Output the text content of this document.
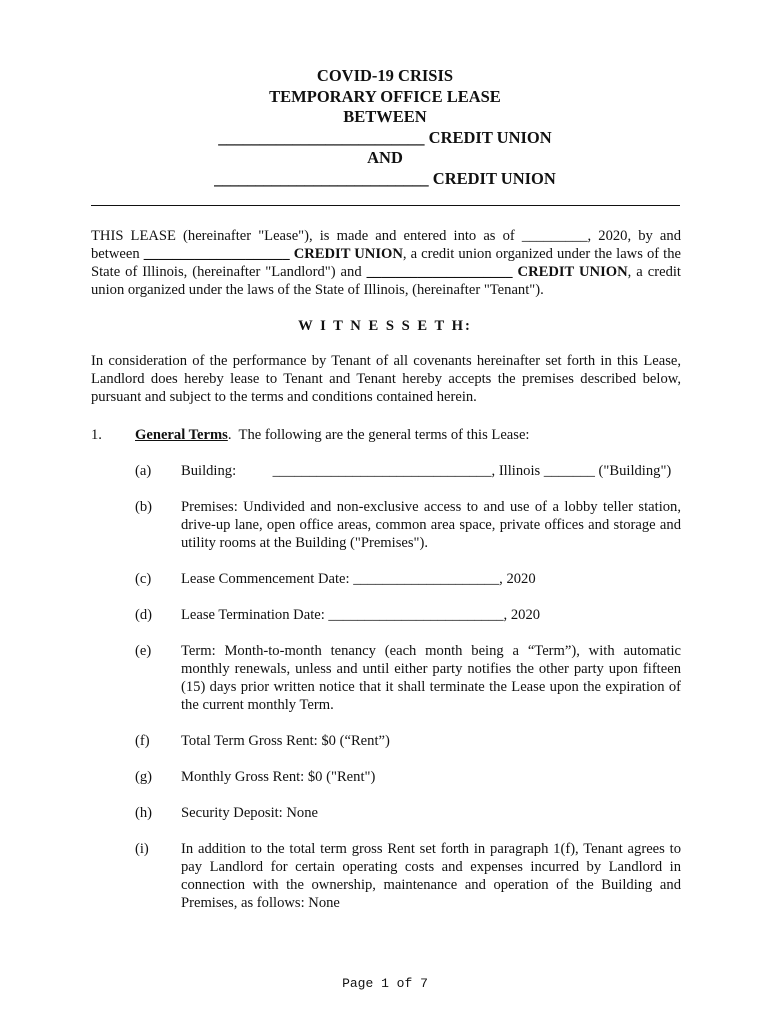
COVID-19 CRISIS
TEMPORARY OFFICE LEASE
BETWEEN
_________________________ CREDIT UNION
AND
__________________________ CREDIT UNION
THIS LEASE (hereinafter "Lease"), is made and entered into as of _________, 2020, by and between ____________________ CREDIT UNION, a credit union organized under the laws of the State of Illinois, (hereinafter "Landlord") and ____________________ CREDIT UNION, a credit union organized under the laws of the State of Illinois, (hereinafter "Tenant").
W I T N E S S E T H:
In consideration of the performance by Tenant of all covenants hereinafter set forth in this Lease, Landlord does hereby lease to Tenant and Tenant hereby accepts the premises described below, pursuant and subject to the terms and conditions contained herein.
1. General Terms. The following are the general terms of this Lease:
(a) Building:          ______________________________, Illinois _______ ("Building")
(b) Premises: Undivided and non-exclusive access to and use of a lobby teller station, drive-up lane, open office areas, common area space, private offices and storage and utility rooms at the Building ("Premises").
(c) Lease Commencement Date: ____________________, 2020
(d) Lease Termination Date: ________________________, 2020
(e) Term: Month-to-month tenancy (each month being a “Term”), with automatic monthly renewals, unless and until either party notifies the other party upon fifteen (15) days prior written notice that it shall terminate the Lease upon the expiration of the current monthly Term.
(f) Total Term Gross Rent: $0 (“Rent”)
(g) Monthly Gross Rent: $0 ("Rent")
(h) Security Deposit: None
(i) In addition to the total term gross Rent set forth in paragraph 1(f), Tenant agrees to pay Landlord for certain operating costs and expenses incurred by Landlord in connection with the ownership, maintenance and operation of the Building and Premises, as follows: None
Page 1 of 7
